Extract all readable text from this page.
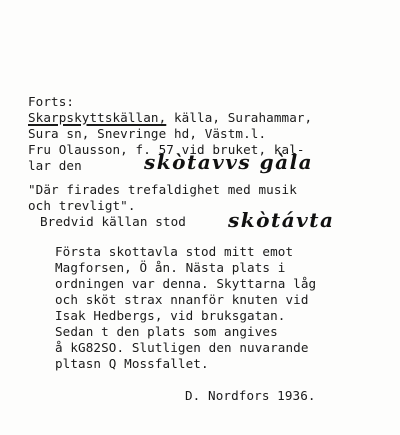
Forts:
Skarpskyttskällan, källa, Surahammar,
Sura sn, Snevringe hd, Västm.l.
Fru Olausson, f. 57 vid bruket, kal-
lar den	skòtavvs gàla
"Där firades trefaldighet med musik
och trevligt".
Bredvid källan stod skòtávta
Första skottavla stod mitt emot
Magforsen, Ö ån. Nästa plats i
ordningen var denna. Skyttarna låg
och sköt strax nnanför knuten vid
Isak Hedbergs, vid bruksgatan.
Sedan t den plats som angives
å kG82SO. Slutligen den nuvarande
pltasn Q Mossfallet.
D. Nordfors 1936.
